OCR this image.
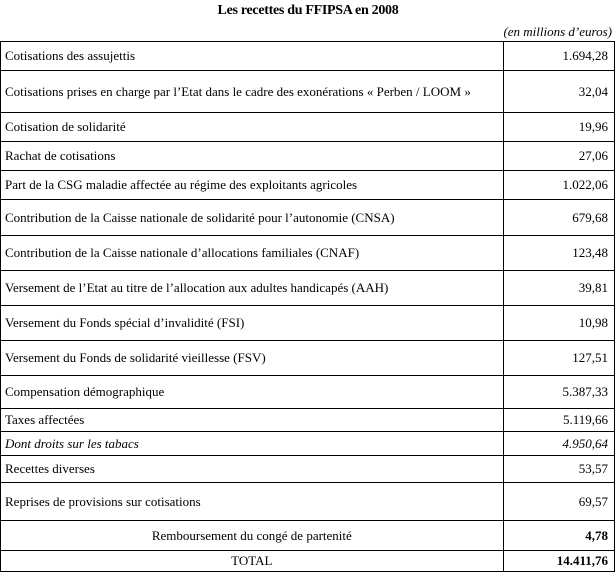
Les recettes du FFIPSA en 2008
(en millions d’euros)
Cotisations des assujettis	1.694,28
Cotisations prises en charge par l’Etat dans le cadre des exonérations « Perben / LOOM »	32,04
Cotisation de solidarité	19,96
Rachat de cotisations	27,06
Part de la CSG maladie affectée au régime des exploitants agricoles	1.022,06
Contribution de la Caisse nationale de solidarité pour l’autonomie (CNSA)	679,68
Contribution de la Caisse nationale d’allocations familiales (CNAF)	123,48
Versement de l’Etat au titre de l’allocation aux adultes handicapés (AAH)	39,81
Versement du Fonds spécial d’invalidité (FSI)	10,98
Versement du Fonds de solidarité vieillesse (FSV)	127,51
Compensation démographique	5.387,33
Taxes affectées	5.119,66
Dont droits sur les tabacs	4.950,64
Recettes diverses	53,57
Reprises de provisions sur cotisations	69,57
Remboursement du congé de partenité	4,78
TOTAL	14.411,76
